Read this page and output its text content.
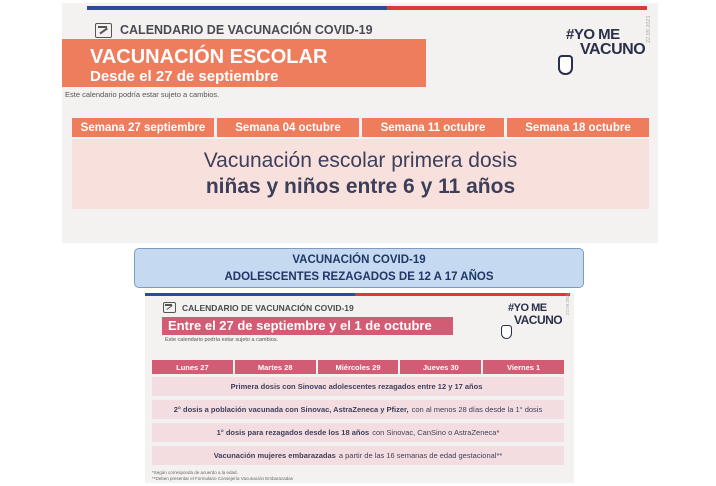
CALENDARIO DE VACUNACIÓN COVID-19
VACUNACIÓN ESCOLAR
Desde el 27 de septiembre
Este calendario podría estar sujeto a cambios.
22.09.2021
#YO ME
VACUNO
Semana 27 septiembre	Semana 04 octubre	Semana 11 octubre	Semana 18 octubre
Vacunación escolar primera dosis
niñas y niños entre 6 y 11 años
VACUNACIÓN COVID-19
ADOLESCENTES REZAGADOS DE 12 A 17 AÑOS
CALENDARIO DE VACUNACIÓN COVID-19
Entre el 27 de septiembre y el 1 de octubre
Este calendario podría estar sujeto a cambios.
22.09.2021
#YO ME
VACUNO
Lunes 27	Martes 28	Miércoles 29	Jueves 30	Viernes 1
Primera dosis con Sinovac adolescentes rezagados entre 12 y 17 años
2° dosis a población vacunada con Sinovac, AstraZeneca y Pfizer, con al menos 28 días desde la 1° dosis
1° dosis para rezagados desde los 18 años con Sinovac, CanSino o AstraZeneca*
Vacunación mujeres embarazadas a partir de las 16 semanas de edad gestacional**
*Según corresponda de acuerdo a la edad.
**Deben presentar el Formulario Consejería Vacunación Embarazadas
